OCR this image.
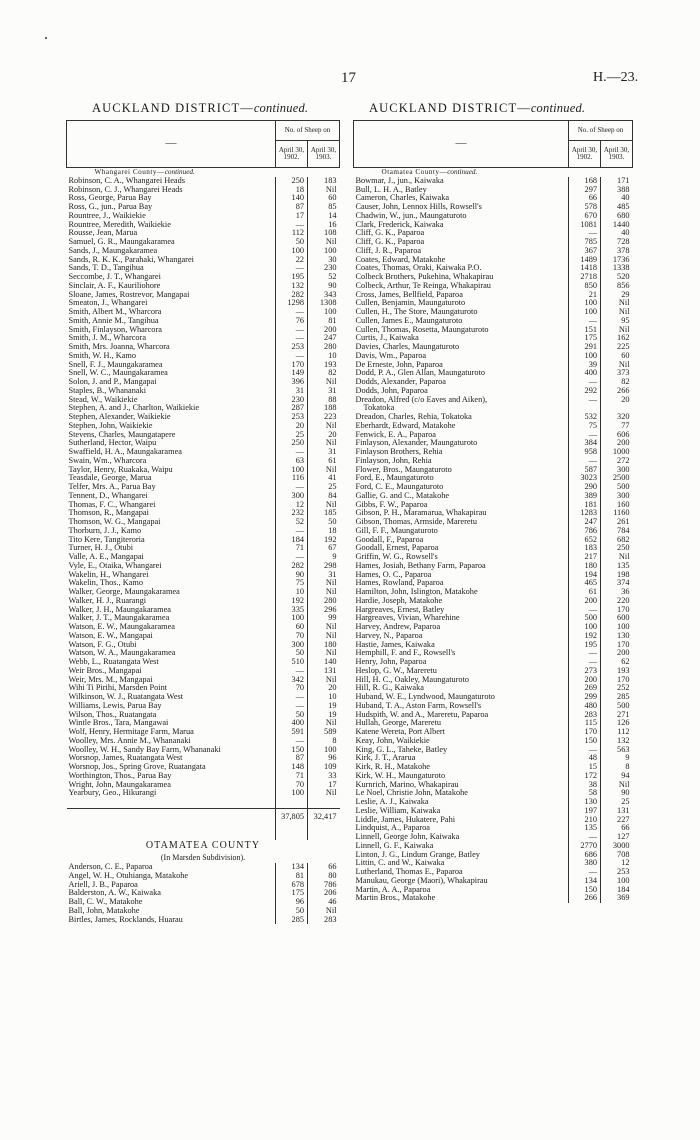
17	H.—23.
AUCKLAND DISTRICT—continued.
—	No. of Sheep on	
	April 30, 1902.	April 30, 1903.
Whangarei County—continued.		
Robinson, C. A., Whangarei Heads	250	183
Robinson, C. J., Whangarei Heads	18	Nil
Ross, George, Parua Bay	140	60
Ross, G., jun., Parua Bay	87	85
Rountree, J., Waikiekie	17	14
Rountree, Meredith, Waikiekie	—	16
Rousse, Jean, Marua	112	108
Samuel, G. R., Maungakaramea	50	Nil
Sands, J., Maungakaramea	100	100
Sands, R. K. K., Parahaki, Whangarei	22	30
Sands, T. D., Tangihua	—	230
Seccombe, J. T., Whangarei	195	52
Sinclair, A. F., Kauriliohore	132	90
Sloane, James, Rostrevor, Mangapai	282	343
Smeaton, J., Whangarei	1298	1308
Smith, Albert M., Wharcora	—	100
Smith, Annie M., Tangihua	76	81
Smith, Finlayson, Wharcora	—	200
Smith, J. M., Wharcora	—	247
Smith, Mrs. Joanna, Wharcora	253	280
Smith, W. H., Kamo	—	10
Snell, F. J., Maungakaramea	170	193
Snell, W. C., Maungakaramea	149	82
Solon, J. and P., Mangapai	396	Nil
Staples, B., Whananaki	31	31
Stead, W., Waikiekie	230	88
Stephen, A. and J., Charlton, Waikiekie	287	188
Stephen, Alexander, Waikiekie	253	223
Stephen, John, Waikiekie	20	Nil
Stevens, Charles, Maungatapere	25	20
Sutherland, Hector, Waipu	250	Nil
Swaffield, H. A., Maungakaramea	—	31
Swain, Wm., Wharcora	63	61
Taylor, Henry, Ruakaka, Waipu	100	Nil
Teasdale, George, Marua	116	41
Telfer, Mrs. A., Parua Bay	—	25
Tennent, D., Whangarei	300	84
Thomas, F. C., Whangarei	12	Nil
Thomson, R., Mangapai	232	185
Thomson, W. G., Mangapai	52	50
Thorburn, J. J., Kamo	—	18
Tito Kere, Tangiteroria	184	192
Turner, H. J., Otubi	71	67
Valle, A. E., Mangapai	—	9
Vyle, E., Otaika, Whangarei	282	298
Wakelin, H., Whangarei	90	31
Wakelin, Thos., Kamo	75	Nil
Walker, George, Maungakaramea	10	Nil
Walker, H. J., Ruarangi	192	280
Walker, J. H., Maungakaramea	335	296
Walker, J. T., Maungakaramea	100	99
Watson, E. W., Maungakaramea	60	Nil
Watson, E. W., Mangapai	70	Nil
Watson, F. G., Otubi	300	180
Watson, W. A., Maungakaramea	50	Nil
Webb, L., Ruatangata West	510	140
Weir Bros., Mangapai	—	131
Weir, Mrs. M., Mangapai	342	Nil
Wihi Ti Pirihi, Marsden Point	70	20
Wilkinson, W. J., Ruatangata West	—	10
Williams, Lewis, Parua Bay	—	19
Wilson, Thos., Ruatangata	50	19
Wintle Bros., Tara, Mangawai	400	Nil
Wolf, Henry, Hermitage Farm, Marua	591	589
Woolley, Mrs. Annie M., Whananaki	—	8
Woolley, W. H., Sandy Bay Farm, Whananaki	150	100
Worsnop, James, Ruatangata West	87	96
Worsnop, Jos., Spring Grove, Ruatangata	148	109
Worthington, Thos., Parua Bay	71	33
Wright, John, Maungakaramea	70	17
Yearbury, Geo., Hikurangi	100	Nil

	37,805	32,417

OTAMATEA COUNTY		
(In Marsden Subdivision).		
Anderson, C. E., Paparoa	134	66
Angel, W. H., Otuhianga, Matakohe	81	80
Ariell, J. B., Paparoa	678	786
Balderston, A. W., Kaiwaka	175	206
Ball, C. W., Matakohe	96	46
Ball, John, Matakohe	50	Nil
Birtles, James, Rocklands, Huarau	285	283
AUCKLAND DISTRICT—continued.
—	No. of Sheep on	
	April 30, 1902.	April 30, 1903.
Otamatea County—continued.		
Bowmar, J., jun., Kaiwaka	168	171
Bull, L. H. A., Batley	297	388
Cameron, Charles, Kaiwaka	66	40
Causer, John, Lennox Hills, Rowsell's	578	485
Chadwin, W., jun., Maungaturoto	670	680
Clark, Frederick, Kaiwaka	1081	1440
Cliff, G. K., Paparoa	—	40
Cliff, G. K., Paparoa	785	728
Cliff, J. R., Paparoa	367	378
Coates, Edward, Matakohe	1489	1736
Coates, Thomas, Oraki, Kaiwaka P.O.	1418	1338
Colbeck Brothers, Pukehina, Whakapirau	2718	520
Colbeck, Arthur, Te Reinga, Whakapirau	850	856
Cross, James, Bellfield, Paparoa	21	29
Cullen, Benjamin, Maungaturoto	100	Nil
Cullen, H., The Store, Maungaturoto	100	Nil
Cullen, James E., Maungaturoto	—	95
Cullen, Thomas, Rosetta, Maungaturoto	151	Nil
Curtis, J., Kaiwaka	175	162
Davies, Charles, Maungaturoto	291	225
Davis, Wm., Paparoa	100	60
De Erneste, John, Paparoa	39	Nil
Dodd, P. A., Glen Allan, Maungaturoto	400	373
Dodds, Alexander, Paparoa	—	82
Dodds, John, Paparoa	292	266
Dreadon, Alfred (c/o Eaves and Aiken),	—	20
Tokatoka		
Dreadon, Charles, Rehia, Tokatoka	532	320
Eberhardt, Edward, Matakohe	75	77
Fenwick, E. A., Paparoa	—	606
Finlayson, Alexander, Maungaturoto	384	200
Finlayson Brothers, Rehia	958	1000
Finlayson, John, Rehia	—	272
Flower, Bros., Maungaturoto	587	300
Ford, E., Maungaturoto	3023	2500
Ford, C. E., Maungaturoto	290	500
Gallie, G. and C., Matakohe	389	300
Gibbs, F. W., Paparoa	181	160
Gibson, P. H., Maramarua, Whakapirau	1283	1160
Gibson, Thomas, Armside, Mareretu	247	261
Gill, F. F., Maungaturoto	786	784
Goodall, F., Paparoa	652	682
Goodall, Ernest, Paparoa	183	250
Griffin, W. G., Rowsell's	217	Nil
Hames, Josiah, Bethany Farm, Paparoa	180	135
Hames, O. C., Paparoa	194	198
Hames, Rowland, Paparoa	465	374
Hamilton, John, Islington, Matakohe	61	36
Hardie, Joseph, Matakohe	200	220
Hargreaves, Ernest, Batley	—	170
Hargreaves, Vivian, Wharehine	500	600
Harvey, Andrew, Paparoa	100	100
Harvey, N., Paparoa	192	130
Hastie, James, Kaiwaka	195	170
Hemphill, F. and F., Rowsell's	—	200
Henry, John, Paparoa	—	62
Heslop, G. W., Mareretu	273	193
Hill, H. C., Oakley, Maungaturoto	200	170
Hill, R. G., Kaiwaka	269	252
Huband, W. E., Lyndwood, Maungaturoto	299	285
Huband, T. A., Aston Farm, Rowsell's	480	500
Hudspith, W. and A., Mareretu, Paparoa	283	271
Hullah, George, Mareretu	115	126
Katene Wereta, Port Albert	170	112
Keay, John, Waikiekie	150	132
King, G. L., Taheke, Batley	—	563
Kirk, J. T., Ararua	48	9
Kirk, R. H., Matakohe	15	8
Kirk, W. H., Maungaturoto	172	94
Kurnrich, Marino, Whakapirau	38	Nil
Le Noel, Christie John, Matakohe	58	90
Leslie, A. J., Kaiwaka	130	25
Leslie, William, Kaiwaka	197	131
Liddle, James, Hukatere, Pahi	210	227
Lindquist, A., Paparoa	135	66
Linnell, George John, Kaiwaka	—	127
Linnell, G. F., Kaiwaka	2770	3000
Linton, J. G., Lindum Grange, Batley	686	708
Littin, C. and W., Kaiwaka	380	12
Lutherland, Thomas E., Paparoa	—	253
Manukau, George (Maori), Whakapirau	134	100
Martin, A. A., Paparoa	150	184
Martin Bros., Matakohe	266	369
